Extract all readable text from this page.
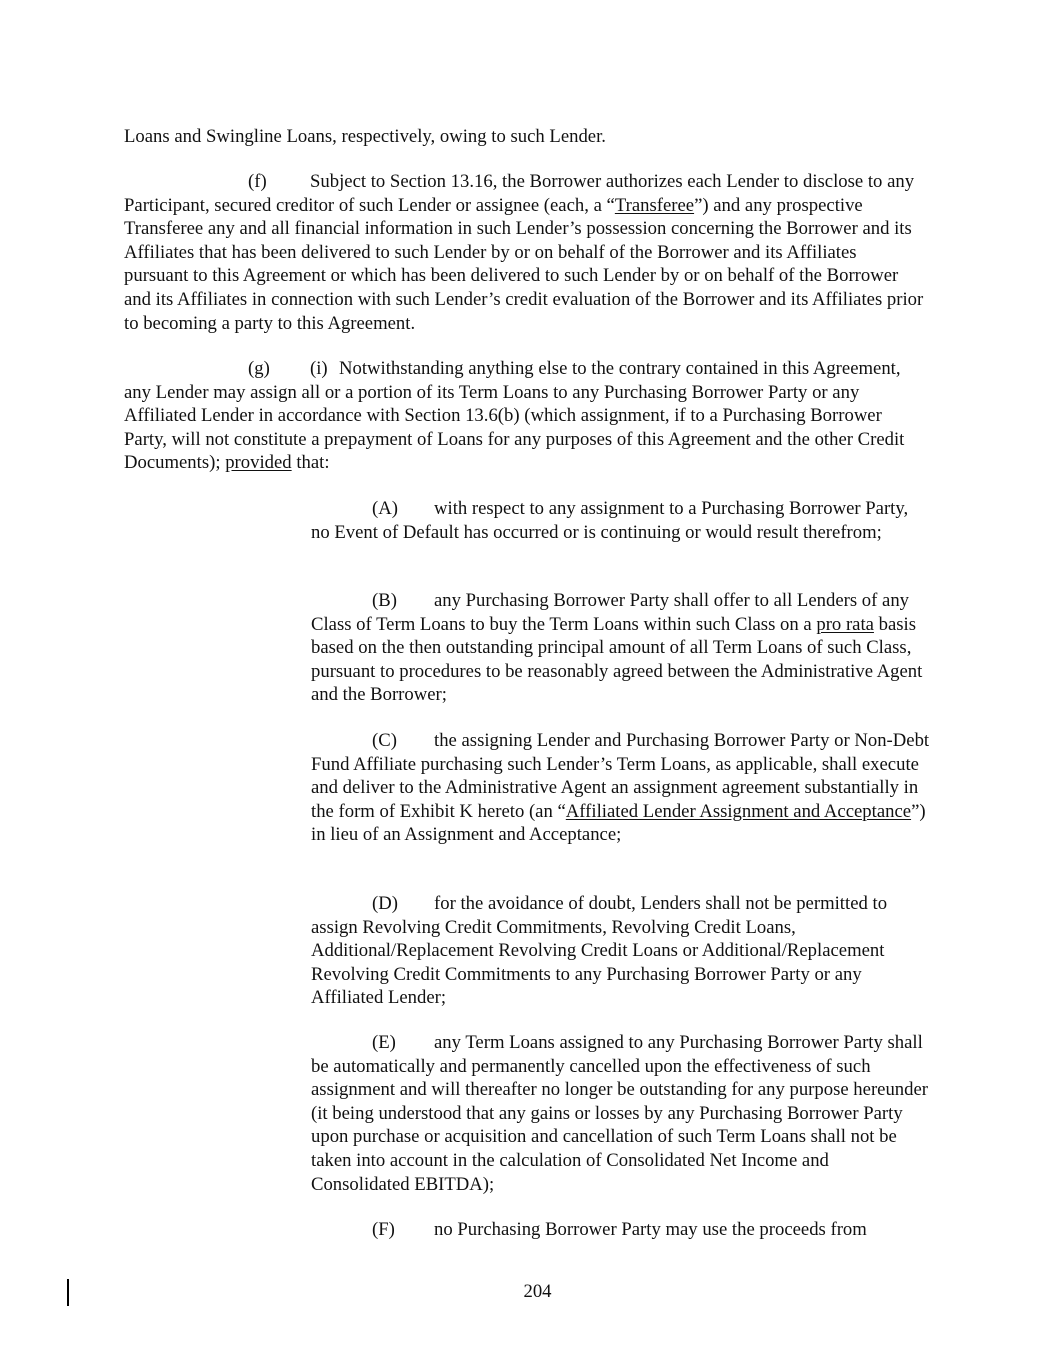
Loans and Swingline Loans, respectively, owing to such Lender.

(f) Subject to Section 13.16, the Borrower authorizes each Lender to disclose to any Participant, secured creditor of such Lender or assignee (each, a “Transferee”) and any prospective Transferee any and all financial information in such Lender’s possession concerning the Borrower and its Affiliates that has been delivered to such Lender by or on behalf of the Borrower and its Affiliates pursuant to this Agreement or which has been delivered to such Lender by or on behalf of the Borrower and its Affiliates in connection with such Lender’s credit evaluation of the Borrower and its Affiliates prior to becoming a party to this Agreement.

(g) (i) Notwithstanding anything else to the contrary contained in this Agreement, any Lender may assign all or a portion of its Term Loans to any Purchasing Borrower Party or any Affiliated Lender in accordance with Section 13.6(b) (which assignment, if to a Purchasing Borrower Party, will not constitute a prepayment of Loans for any purposes of this Agreement and the other Credit Documents); provided that:

(A) with respect to any assignment to a Purchasing Borrower Party, no Event of Default has occurred or is continuing or would result therefrom;

(B) any Purchasing Borrower Party shall offer to all Lenders of any Class of Term Loans to buy the Term Loans within such Class on a pro rata basis based on the then outstanding principal amount of all Term Loans of such Class, pursuant to procedures to be reasonably agreed between the Administrative Agent and the Borrower;

(C) the assigning Lender and Purchasing Borrower Party or Non-Debt Fund Affiliate purchasing such Lender’s Term Loans, as applicable, shall execute and deliver to the Administrative Agent an assignment agreement substantially in the form of Exhibit K hereto (an “Affiliated Lender Assignment and Acceptance”) in lieu of an Assignment and Acceptance;

(D) for the avoidance of doubt, Lenders shall not be permitted to assign Revolving Credit Commitments, Revolving Credit Loans, Additional/Replacement Revolving Credit Loans or Additional/Replacement Revolving Credit Commitments to any Purchasing Borrower Party or any Affiliated Lender;

(E) any Term Loans assigned to any Purchasing Borrower Party shall be automatically and permanently cancelled upon the effectiveness of such assignment and will thereafter no longer be outstanding for any purpose hereunder (it being understood that any gains or losses by any Purchasing Borrower Party upon purchase or acquisition and cancellation of such Term Loans shall not be taken into account in the calculation of Consolidated Net Income and Consolidated EBITDA);

(F) no Purchasing Borrower Party may use the proceeds from

204
